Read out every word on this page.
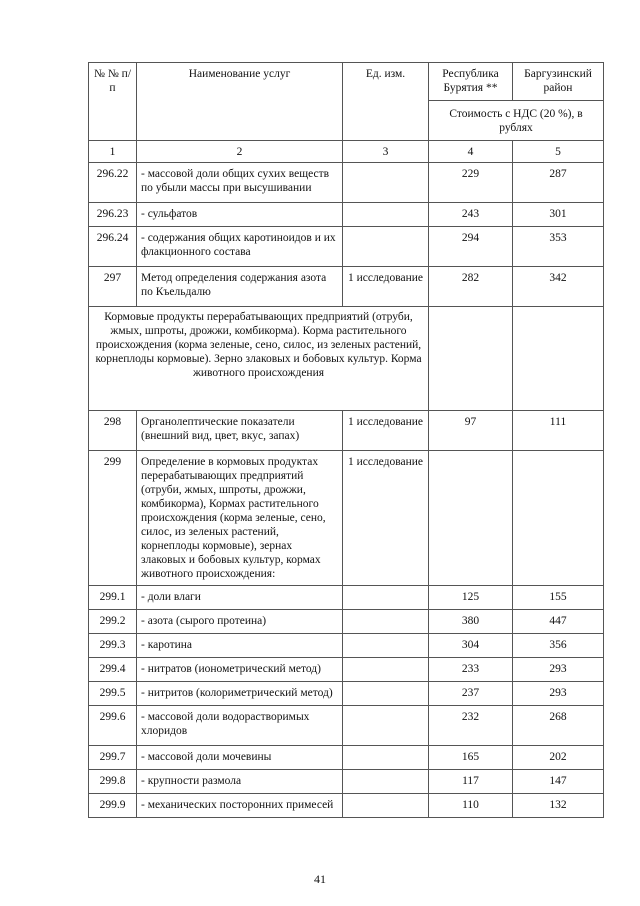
№ № п/п	Наименование услуг	Ед. изм.	Республика Бурятия **	Баргузинский район
			Стоимость с НДС (20 %), в рублях	
1	2	3	4	5
296.22	- массовой доли общих сухих веществ по убыли массы при высушивании		229	287
296.23	- сульфатов		243	301
296.24	- содержания общих каротиноидов и их флакционного состава		294	353
297	Метод определения содержания азота по Къельдалю	1 исследование	282	342
Кормовые продукты перерабатывающих предприятий (отруби, жмых, шпроты, дрожжи, комбикорма). Корма растительного происхождения (корма зеленые, сено, силос, из зеленых растений, корнеплоды кормовые). Зерно злаковых и бобовых культур. Корма животного происхождения				
298	Органолептические показатели (внешний вид, цвет, вкус, запах)	1 исследование	97	111
299	Определение в кормовых продуктах перерабатывающих предприятий (отруби, жмых, шпроты, дрожжи, комбикорма), Кормах растительного происхождения (корма зеленые, сено, силос, из зеленых растений, корнеплоды кормовые), зернах злаковых и бобовых культур, кормах животного происхождения:	1 исследование		
299.1	- доли влаги		125	155
299.2	- азота (сырого протеина)		380	447
299.3	- каротина		304	356
299.4	- нитратов (ионометрический метод)		233	293
299.5	- нитритов (колориметрический метод)		237	293
299.6	- массовой доли водорастворимых хлоридов		232	268
299.7	- массовой доли мочевины		165	202
299.8	- крупности размола		117	147
299.9	- механических посторонних примесей		110	132
41
